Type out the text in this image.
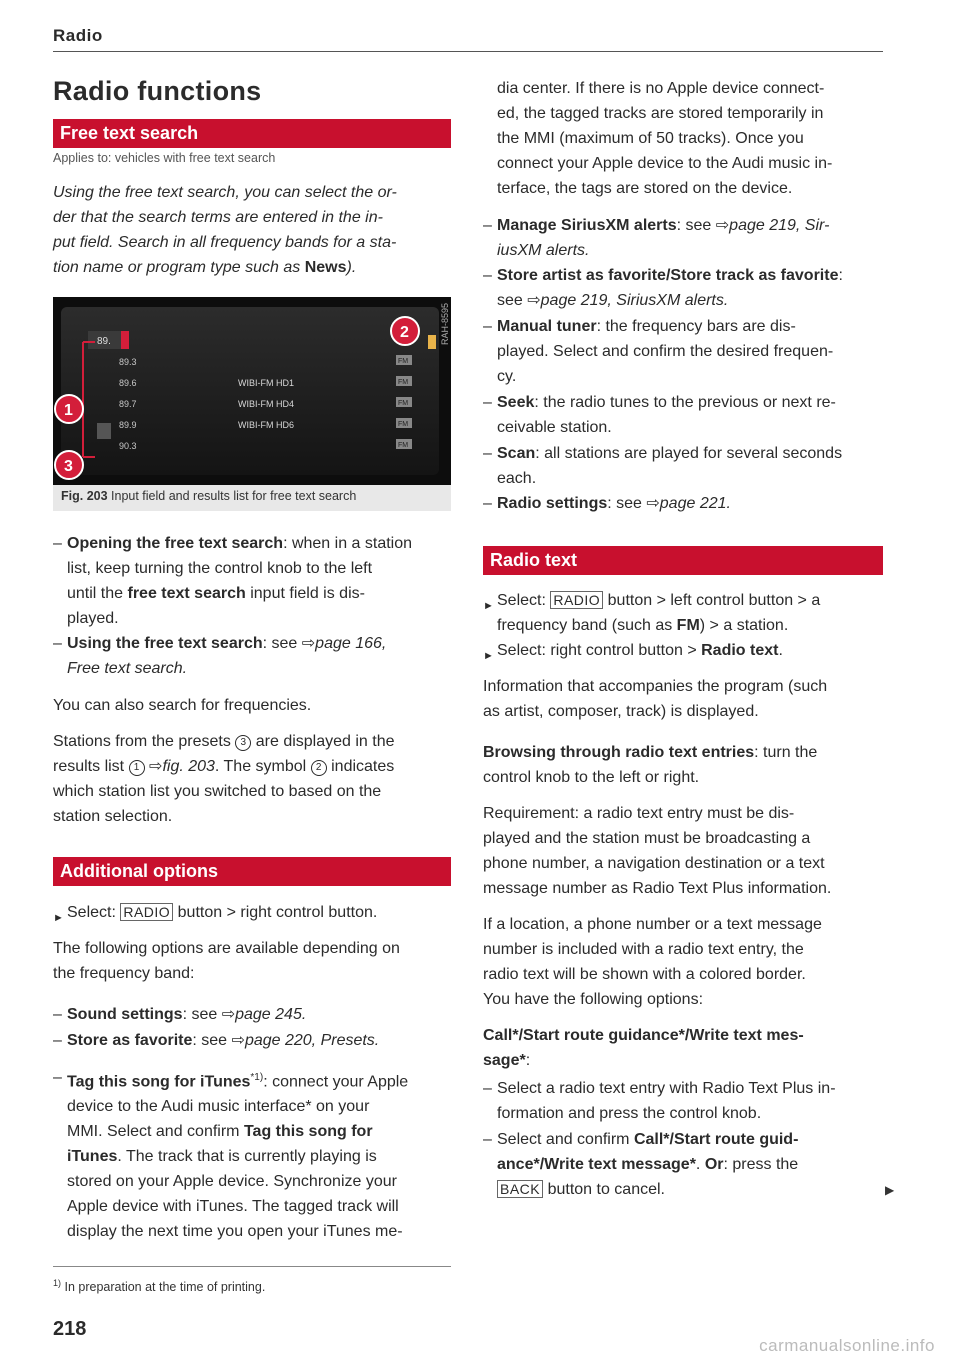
Radio
Radio functions
Free text search
Applies to: vehicles with free text search
Using the free text search, you can select the or-
der that the search terms are entered in the in-
put field. Search in all frequency bands for a sta-
tion name or program type such as News).
89.
89.3
89.6
89.7
89.9
90.3
WIBI-FM HD1
WIBI-FM HD4
WIBI-FM HD6
FM
FM
FM
FM
FM
1
2
3
RAH-8595
Fig. 203 Input field and results list for free text search
– Opening the free text search: when in a station
list, keep turning the control knob to the left
until the free text search input field is dis-
played.
– Using the free text search: see ⇨page 166,
Free text search.
You can also search for frequencies.
Stations from the presets 3 are displayed in the
results list 1 ⇨fig. 203. The symbol 2 indicates
which station list you switched to based on the
station selection.
Additional options
► Select: RADIO button > right control button.
The following options are available depending on
the frequency band:
– Sound settings: see ⇨page 245.
– Store as favorite: see ⇨page 220, Presets.
– Tag this song for iTunes$^{*1)}$: connect your Apple
device to the Audi music interface* on your
MMI. Select and confirm Tag this song for
iTunes. The track that is currently playing is
stored on your Apple device. Synchronize your
Apple device with iTunes. The tagged track will
display the next time you open your iTunes me-
$^{1)}$ In preparation at the time of printing.
218
dia center. If there is no Apple device connect-
ed, the tagged tracks are stored temporarily in
the MMI (maximum of 50 tracks). Once you
connect your Apple device to the Audi music in-
terface, the tags are stored on the device.
– Manage SiriusXM alerts: see ⇨page 219, Sir-
iusXM alerts.
– Store artist as favorite/Store track as favorite:
see ⇨page 219, SiriusXM alerts.
– Manual tuner: the frequency bars are dis-
played. Select and confirm the desired frequen-
cy.
– Seek: the radio tunes to the previous or next re-
ceivable station.
– Scan: all stations are played for several seconds
each.
– Radio settings: see ⇨page 221.
Radio text
► Select: RADIO button > left control button > a
frequency band (such as FM) > a station.
► Select: right control button > Radio text.
Information that accompanies the program (such
as artist, composer, track) is displayed.
Browsing through radio text entries: turn the
control knob to the left or right.
Requirement: a radio text entry must be dis-
played and the station must be broadcasting a
phone number, a navigation destination or a text
message number as Radio Text Plus information.
If a location, a phone number or a text message
number is included with a radio text entry, the
radio text will be shown with a colored border.
You have the following options:
Call*/Start route guidance*/Write text mes-
sage*:
– Select a radio text entry with Radio Text Plus in-
formation and press the control knob.
– Select and confirm Call*/Start route guid-
ance*/Write text message*. Or: press the
BACK button to cancel.	▶
carmanualsonline.info
